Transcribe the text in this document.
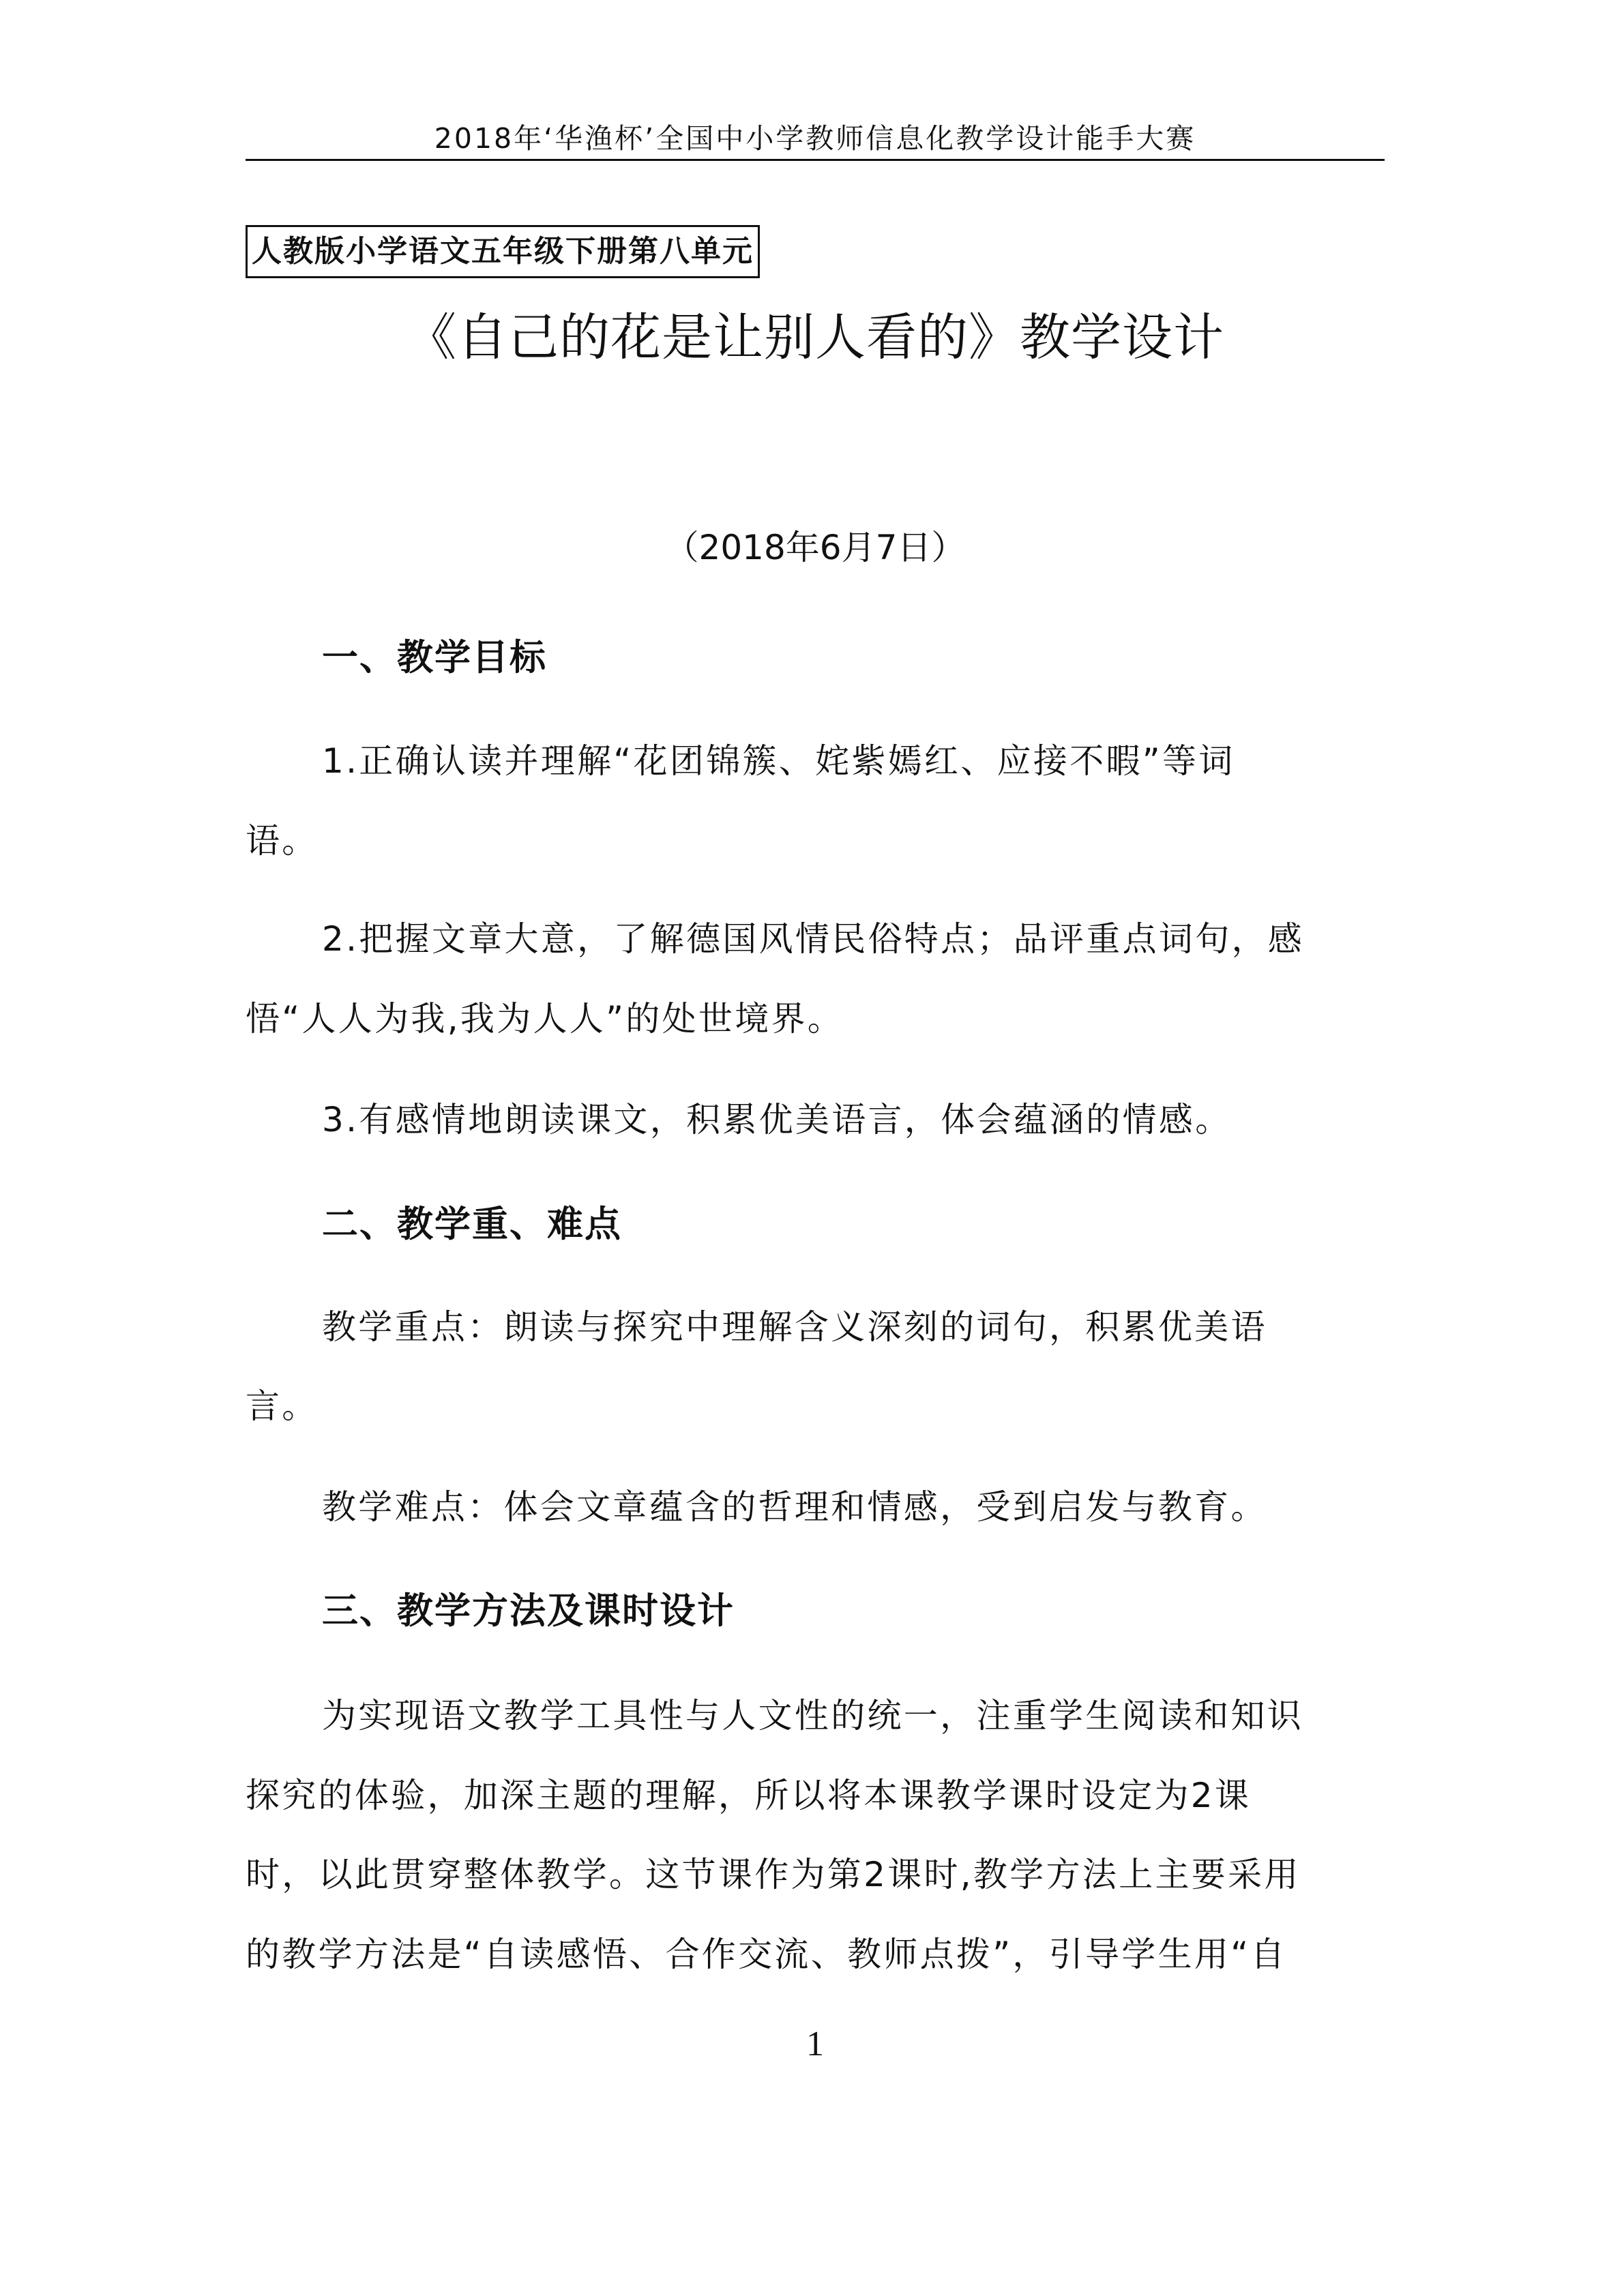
2018年‘华渔杯’全国中小学教师信息化教学设计能手大赛
人教版小学语文五年级下册第八单元
《自己的花是让别人看的》教学设计
（2018年6月7日）
一、教学目标
1.正确认读并理解“花团锦簇、姹紫嫣红、应接不暇”等词
语。
2.把握文章大意，了解德国风情民俗特点；品评重点词句，感
悟“人人为我,我为人人”的处世境界。
3.有感情地朗读课文，积累优美语言，体会蕴涵的情感。
二、教学重、难点
教学重点：朗读与探究中理解含义深刻的词句，积累优美语
言。
教学难点：体会文章蕴含的哲理和情感，受到启发与教育。
三、教学方法及课时设计
为实现语文教学工具性与人文性的统一，注重学生阅读和知识
探究的体验，加深主题的理解，所以将本课教学课时设定为2课
时，以此贯穿整体教学。这节课作为第2课时,教学方法上主要采用
的教学方法是“自读感悟、合作交流、教师点拨”，引导学生用“自
1
